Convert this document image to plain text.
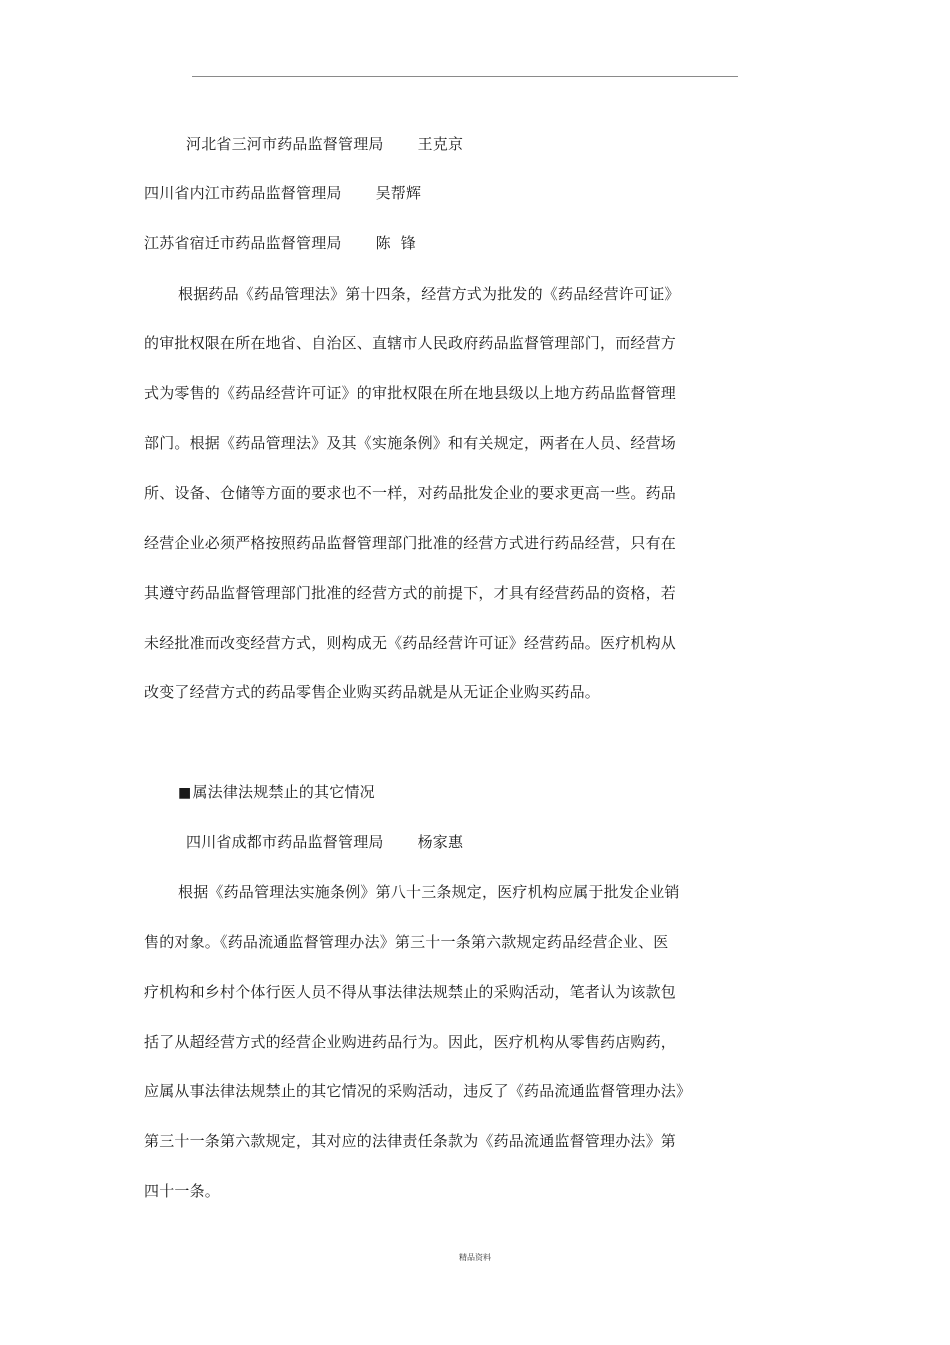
河北省三河市药品监督管理局 王克京
四川省内江市药品监督管理局 吴帮辉
江苏省宿迁市药品监督管理局 陈  锋
根据药品《药品管理法》第十四条，经营方式为批发的《药品经营许可证》
的审批权限在所在地省、自治区、直辖市人民政府药品监督管理部门，而经营方
式为零售的《药品经营许可证》的审批权限在所在地县级以上地方药品监督管理
部门。根据《药品管理法》及其《实施条例》和有关规定，两者在人员、经营场
所、设备、仓储等方面的要求也不一样，对药品批发企业的要求更高一些。药品
经营企业必须严格按照药品监督管理部门批准的经营方式进行药品经营，只有在
其遵守药品监督管理部门批准的经营方式的前提下，才具有经营药品的资格，若
未经批准而改变经营方式，则构成无《药品经营许可证》经营药品。医疗机构从
改变了经营方式的药品零售企业购买药品就是从无证企业购买药品。
■属法律法规禁止的其它情况
四川省成都市药品监督管理局 杨家惠
根据《药品管理法实施条例》第八十三条规定，医疗机构应属于批发企业销
售的对象。《药品流通监督管理办法》第三十一条第六款规定药品经营企业、医
疗机构和乡村个体行医人员不得从事法律法规禁止的采购活动，笔者认为该款包
括了从超经营方式的经营企业购进药品行为。因此，医疗机构从零售药店购药，
应属从事法律法规禁止的其它情况的采购活动，违反了《药品流通监督管理办法》
第三十一条第六款规定，其对应的法律责任条款为《药品流通监督管理办法》第
四十一条。
精品资料
